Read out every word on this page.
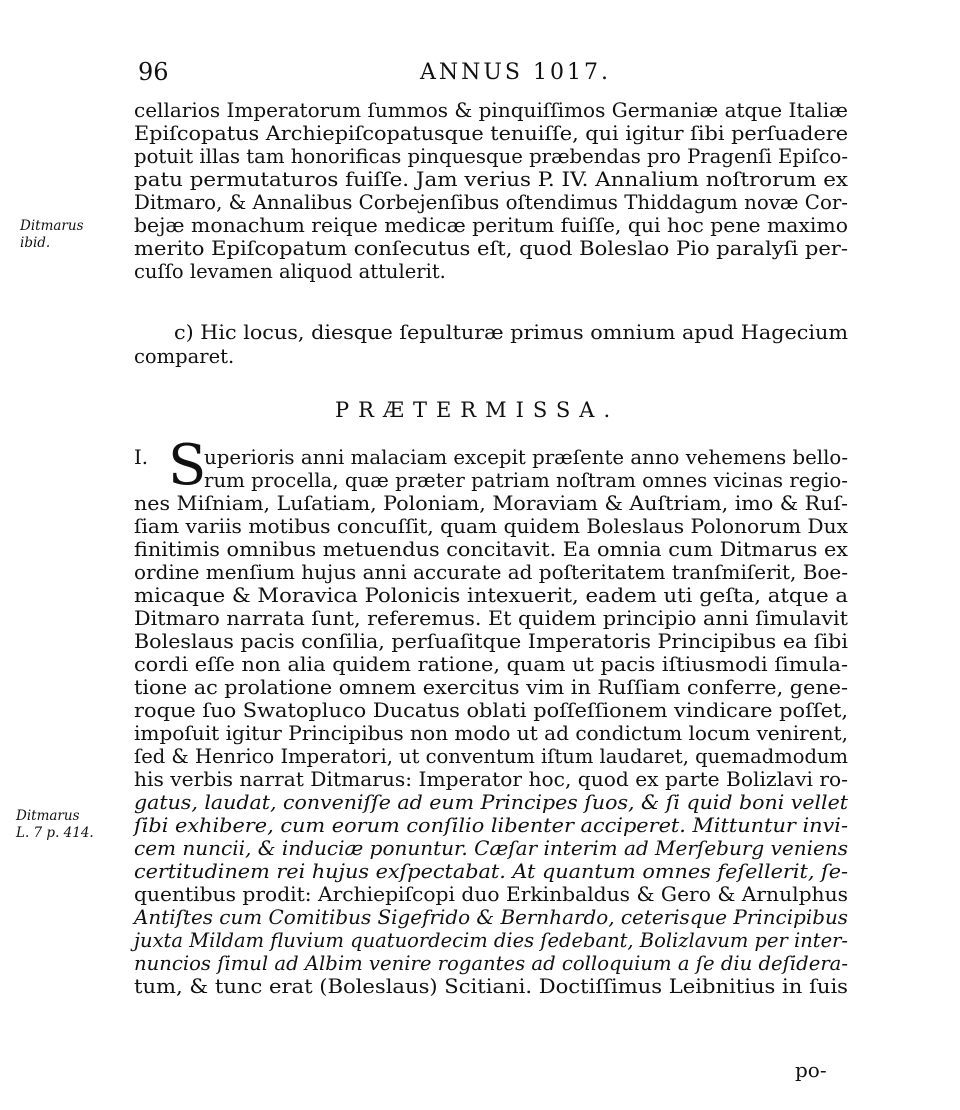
96	ANNUS 1017.
cellarios Imperatorum ſummos & pinquiſſimos Germaniæ atque Italiæ
Epiſcopatus Archiepiſcopatusque tenuiſſe, qui igitur ſibi perſuadere
potuit illas tam honorificas pinquesque præbendas pro Pragenſi Epiſco-
patu permutaturos fuiſſe. Jam verius P. IV. Annalium noſtrorum ex
Ditmaro, & Annalibus Corbejenſibus oſtendimus Thiddagum novæ Cor-
bejæ monachum reique medicæ peritum fuiſſe, qui hoc pene maximo
merito Epiſcopatum conſecutus eſt, quod Boleslao Pio paralyſi per-
cuſſo levamen aliquod attulerit.
Ditmarus
ibid.
c) Hic locus, diesque ſepulturæ primus omnium apud Hagecium
comparet.
PRÆTERMISSA.
I. S
uperioris anni malaciam excepit præſente anno vehemens bello-
rum procella, quæ præter patriam noſtram omnes vicinas regio-
nes Miſniam, Luſatiam, Poloniam, Moraviam & Auſtriam, imo & Ruſ-
ſiam variis motibus concuſſit, quam quidem Boleslaus Polonorum Dux
finitimis omnibus metuendus concitavit. Ea omnia cum Ditmarus ex
ordine menſium hujus anni accurate ad poſteritatem tranſmiſerit, Boe-
micaque & Moravica Polonicis intexuerit, eadem uti geſta, atque a
Ditmaro narrata ſunt, referemus. Et quidem principio anni ſimulavit
Boleslaus pacis conſilia, perſuaſitque Imperatoris Principibus ea ſibi
cordi eſſe non alia quidem ratione, quam ut pacis iſtiusmodi ſimula-
tione ac prolatione omnem exercitus vim in Ruſſiam conferre, gene-
roque ſuo Swatopluco Ducatus oblati poſſeſſionem vindicare poſſet,
impoſuit igitur Principibus non modo ut ad condictum locum venirent,
ſed & Henrico Imperatori, ut conventum iſtum laudaret, quemadmodum
his verbis narrat Ditmarus: Imperator hoc, quod ex parte Bolizlavi ro-
gatus, laudat, conveniſſe ad eum Principes ſuos, & ſi quid boni vellet
ſibi exhibere, cum eorum conſilio libenter acciperet. Mittuntur invi-
cem nuncii, & induciæ ponuntur. Cæſar interim ad Merſeburg veniens
certitudinem rei hujus exſpectabat. At quantum omnes feſellerit, ſe-
quentibus prodit: Archiepiſcopi duo Erkinbaldus & Gero & Arnulphus
Antiſtes cum Comitibus Sigefrido & Bernhardo, ceterisque Principibus
juxta Mildam fluvium quatuordecim dies ſedebant, Bolizlavum per inter-
nuncios ſimul ad Albim venire rogantes ad colloquium a ſe diu deſidera-
tum, & tunc erat (Boleslaus) Scitiani. Doctiſſimus Leibnitius in ſuis
Ditmarus
L. 7 p. 414.
po-
